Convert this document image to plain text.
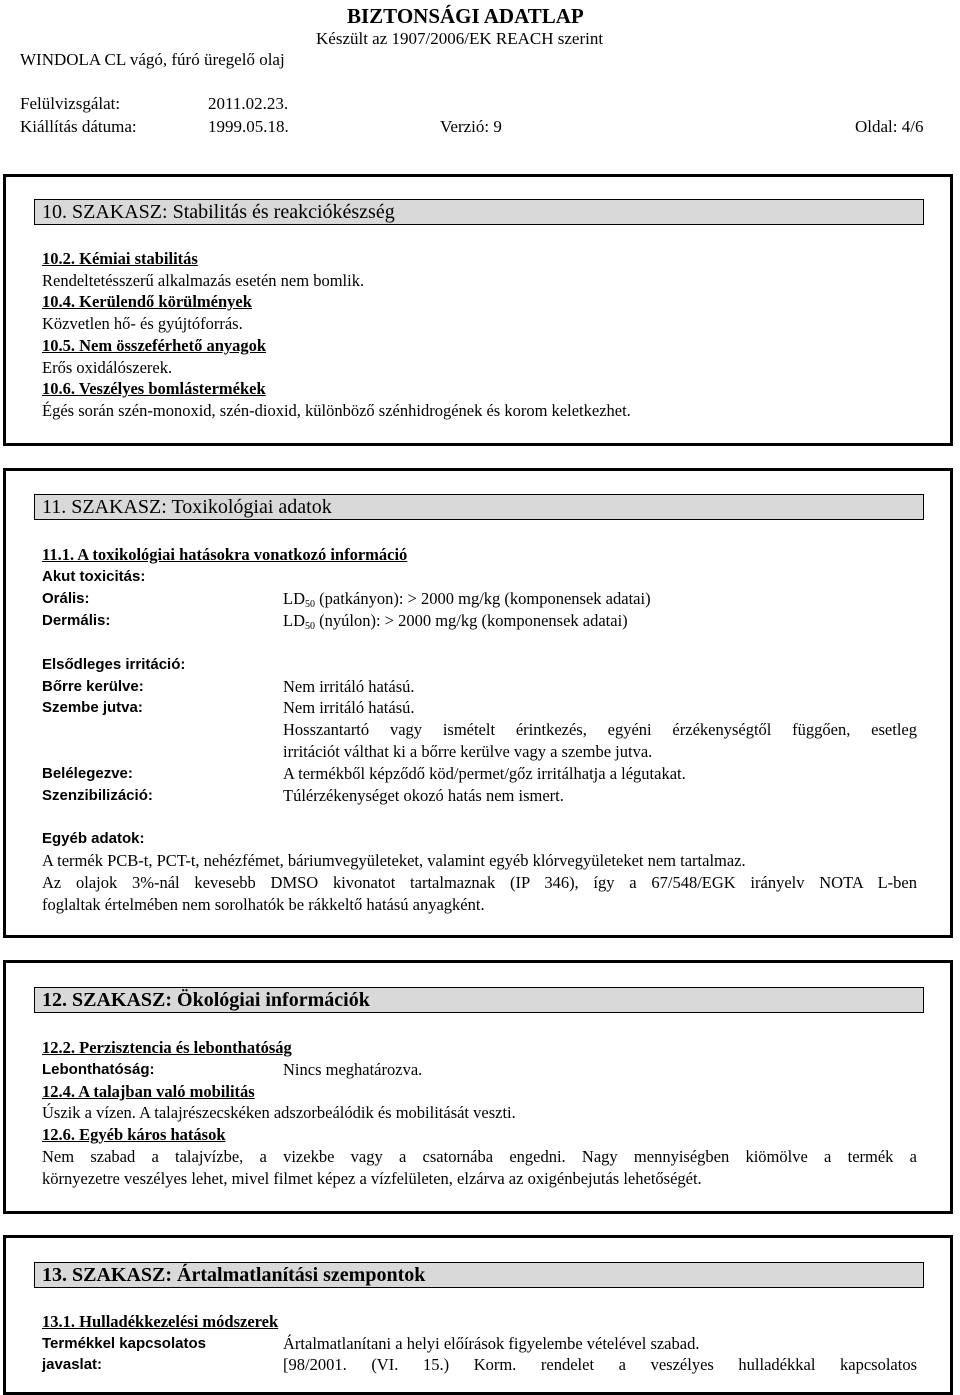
BIZTONSÁGI ADATLAP
Készült az 1907/2006/EK REACH szerint
WINDOLA CL vágó, fúró üregelő olaj
Felülvizsgálat:	2011.02.23.
Kiállítás dátuma:	1999.05.18.	Verzió: 9	Oldal: 4/6
10. SZAKASZ: Stabilitás és reakciókészség
10.2. Kémiai stabilitás
Rendeltetésszerű alkalmazás esetén nem bomlik.
10.4. Kerülendő körülmények
Közvetlen hő- és gyújtóforrás.
10.5. Nem összeférhető anyagok
Erős oxidálószerek.
10.6. Veszélyes bomlástermékek
Égés során szén-monoxid, szén-dioxid, különböző szénhidrogének és korom keletkezhet.
11. SZAKASZ: Toxikológiai adatok
11.1. A toxikológiai hatásokra vonatkozó információ
Akut toxicitás:
Orális:	$LD_{50}$ (patkányon): > 2000 mg/kg (komponensek adatai)
Dermális:	$LD_{50}$ (nyúlon): > 2000 mg/kg (komponensek adatai)
Elsődleges irritáció:
Bőrre kerülve:	Nem irritáló hatású.
Szembe jutva:	Nem irritáló hatású.
Hosszantartó vagy ismételt érintkezés, egyéni érzékenységtől függően, esetleg
irritációt válthat ki a bőrre kerülve vagy a szembe jutva.
Belélegezve:	A termékből képződő köd/permet/gőz irritálhatja a légutakat.
Szenzibilizáció:	Túlérzékenységet okozó hatás nem ismert.
Egyéb adatok:
A termék PCB-t, PCT-t, nehézfémet, báriumvegyületeket, valamint egyéb klórvegyületeket nem tartalmaz.
Az olajok 3%-nál kevesebb DMSO kivonatot tartalmaznak (IP 346), így a 67/548/EGK irányelv NOTA L-ben
foglaltak értelmében nem sorolhatók be rákkeltő hatású anyagként.
12. SZAKASZ: Ökológiai információk
12.2. Perzisztencia és lebonthatóság
Lebonthatóság:	Nincs meghatározva.
12.4. A talajban való mobilitás
Úszik a vízen. A talajrészecskéken adszorbeálódik és mobilitását veszti.
12.6. Egyéb káros hatások
Nem szabad a talajvízbe, a vizekbe vagy a csatornába engedni. Nagy mennyiségben kiömölve a termék a
környezetre veszélyes lehet, mivel filmet képez a vízfelületen, elzárva az oxigénbejutás lehetőségét.
13. SZAKASZ: Ártalmatlanítási szempontok
13.1. Hulladékkezelési módszerek
Termékkel kapcsolatos	Ártalmatlanítani a helyi előírások figyelembe vételével szabad.
javaslat:	[98/2001. (VI. 15.) Korm. rendelet a veszélyes hulladékkal kapcsolatos
